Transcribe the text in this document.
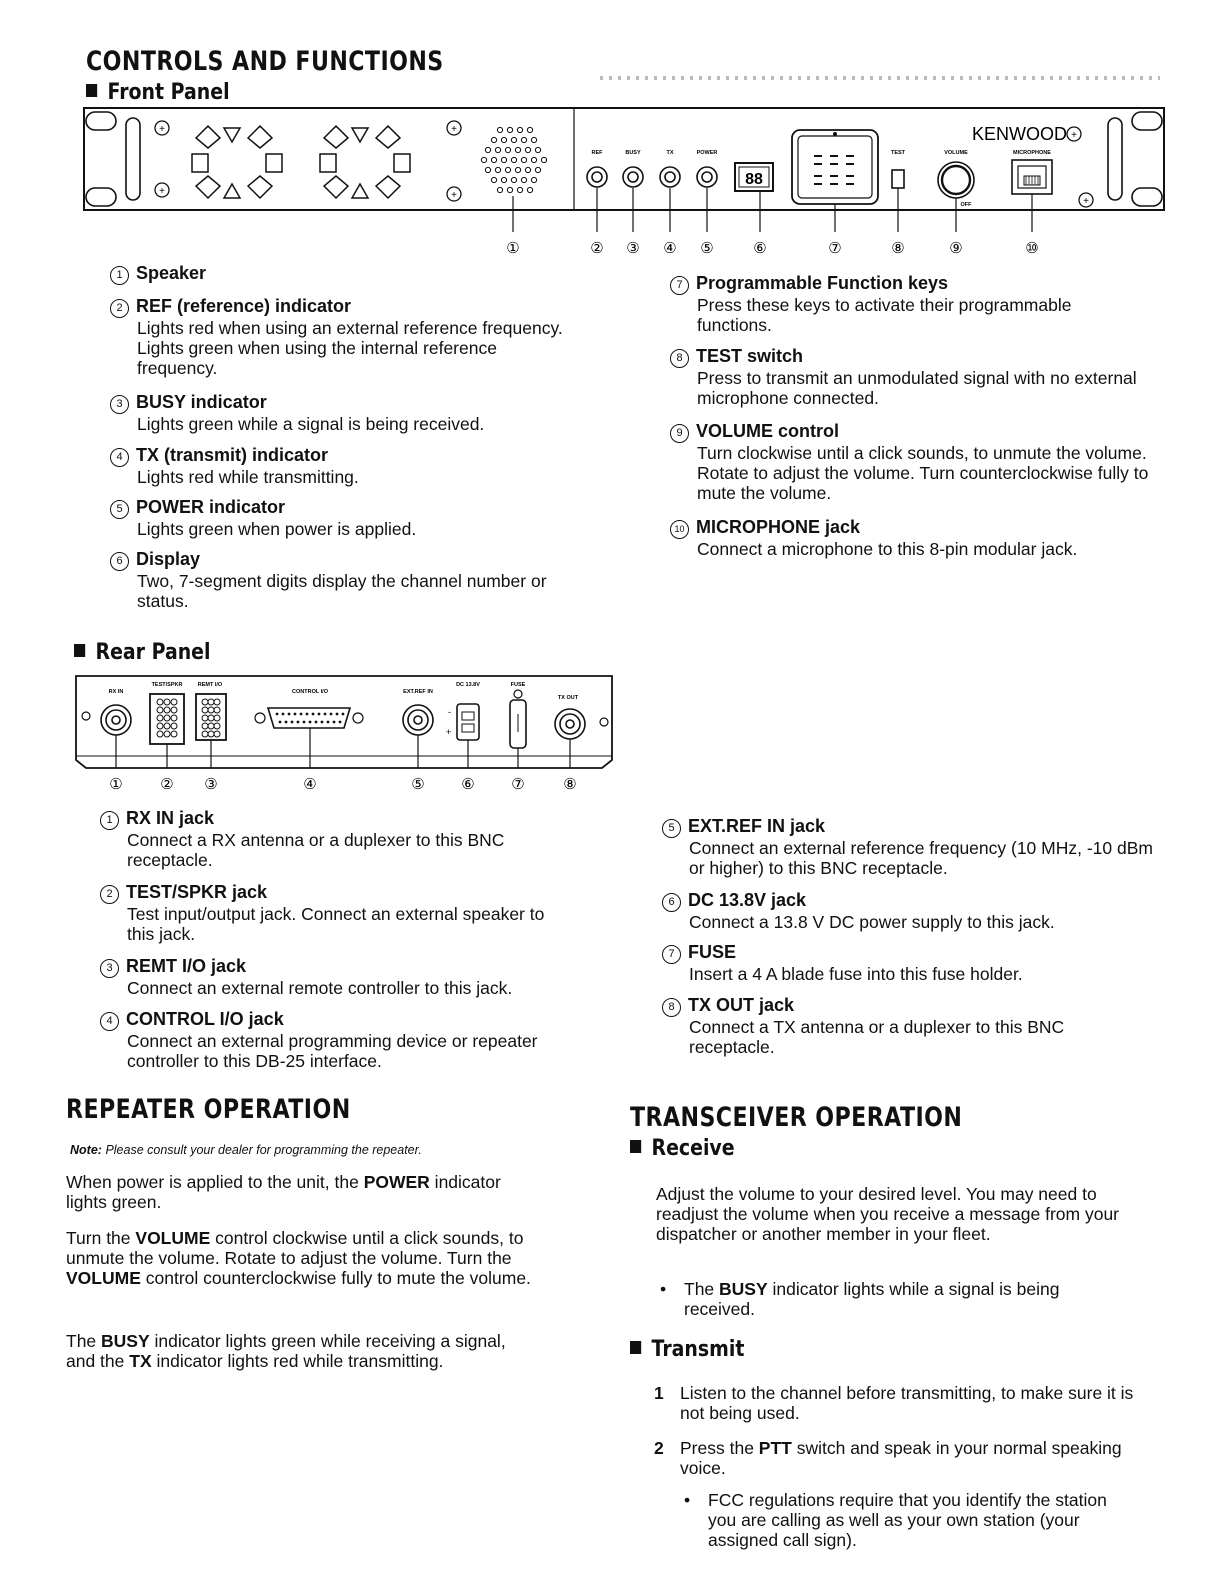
CONTROLS AND FUNCTIONS
Front Panel
+
+
+
+
REF	BUSY	TX	POWER
88
TEST	VOLUME
OFF
KENWOOD +
MICROPHONE
+
①	② ③ ④ ⑤	⑥	⑦	⑧	⑨	⑩
1 Speaker
2 REF (reference) indicator
Lights red when using an external reference frequency. Lights green when using the internal reference frequency.
3 BUSY indicator
Lights green while a signal is being received.
4 TX (transmit) indicator
Lights red while transmitting.
5 POWER indicator
Lights green when power is applied.
6 Display
Two, 7-segment digits display the channel number or status.
7 Programmable Function keys
Press these keys to activate their programmable functions.
8 TEST switch
Press to transmit an unmodulated signal with no external microphone connected.
9 VOLUME control
Turn clockwise until a click sounds, to unmute the volume. Rotate to adjust the volume. Turn counterclockwise fully to mute the volume.
10 MICROPHONE jack
Connect a microphone to this 8-pin modular jack.
Rear Panel
RX IN
TEST/SPKR	REMT I/O
CONTROL I/O	EXT.REF IN
DC 13.8V	FUSE
TX OUT
-
+
①	② ③	④	⑤ ⑥ ⑦	⑧
1 RX IN jack
Connect a RX antenna or a duplexer to this BNC receptacle.
2 TEST/SPKR jack
Test input/output jack. Connect an external speaker to this jack.
3 REMT I/O jack
Connect an external remote controller to this jack.
4 CONTROL I/O jack
Connect an external programming device or repeater controller to this DB-25 interface.
5 EXT.REF IN jack
Connect an external reference frequency (10 MHz, -10 dBm or higher) to this BNC receptacle.
6 DC 13.8V jack
Connect a 13.8 V DC power supply to this jack.
7 FUSE
Insert a 4 A blade fuse into this fuse holder.
8 TX OUT jack
Connect a TX antenna or a duplexer to this BNC receptacle.
REPEATER OPERATION
Note: Please consult your dealer for programming the repeater.
When power is applied to the unit, the POWER indicator lights green.
Turn the VOLUME control clockwise until a click sounds, to unmute the volume. Rotate to adjust the volume. Turn the VOLUME control counterclockwise fully to mute the volume.
The BUSY indicator lights green while receiving a signal, and the TX indicator lights red while transmitting.
TRANSCEIVER OPERATION
Receive
Adjust the volume to your desired level. You may need to readjust the volume when you receive a message from your dispatcher or another member in your fleet.
• The BUSY indicator lights while a signal is being received.
Transmit
1 Listen to the channel before transmitting, to make sure it is not being used.
2 Press the PTT switch and speak in your normal speaking voice.
• FCC regulations require that you identify the station you are calling as well as your own station (your assigned call sign).
